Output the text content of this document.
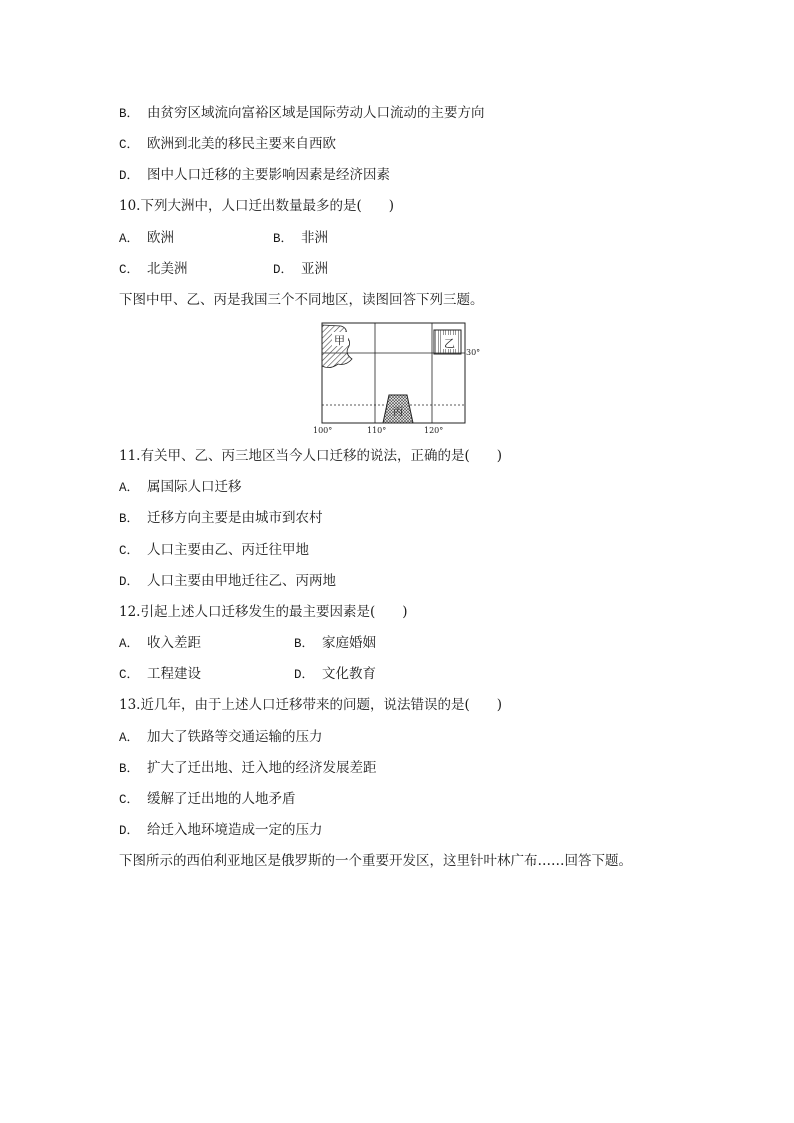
B． 由贫穷区域流向富裕区域是国际劳动人口流动的主要方向
C． 欧洲到北美的移民主要来自西欧
D． 图中人口迁移的主要影响因素是经济因素
10.下列大洲中，人口迁出数量最多的是(　　)
A． 欧洲	B． 非洲
C． 北美洲	D． 亚洲
下图中甲、乙、丙是我国三个不同地区，读图回答下列三题。
甲	乙
丙
30°
100°	110°	120°
11.有关甲、乙、丙三地区当今人口迁移的说法，正确的是(　　)
A． 属国际人口迁移
B． 迁移方向主要是由城市到农村
C． 人口主要由乙、丙迁往甲地
D． 人口主要由甲地迁往乙、丙两地
12.引起上述人口迁移发生的最主要因素是(　　)
A． 收入差距	B． 家庭婚姻
C． 工程建设	D． 文化教育
13.近几年，由于上述人口迁移带来的问题，说法错误的是(　　)
A． 加大了铁路等交通运输的压力
B． 扩大了迁出地、迁入地的经济发展差距
C． 缓解了迁出地的人地矛盾
D． 给迁入地环境造成一定的压力
下图所示的西伯利亚地区是俄罗斯的一个重要开发区，这里针叶林广布……回答下题。
